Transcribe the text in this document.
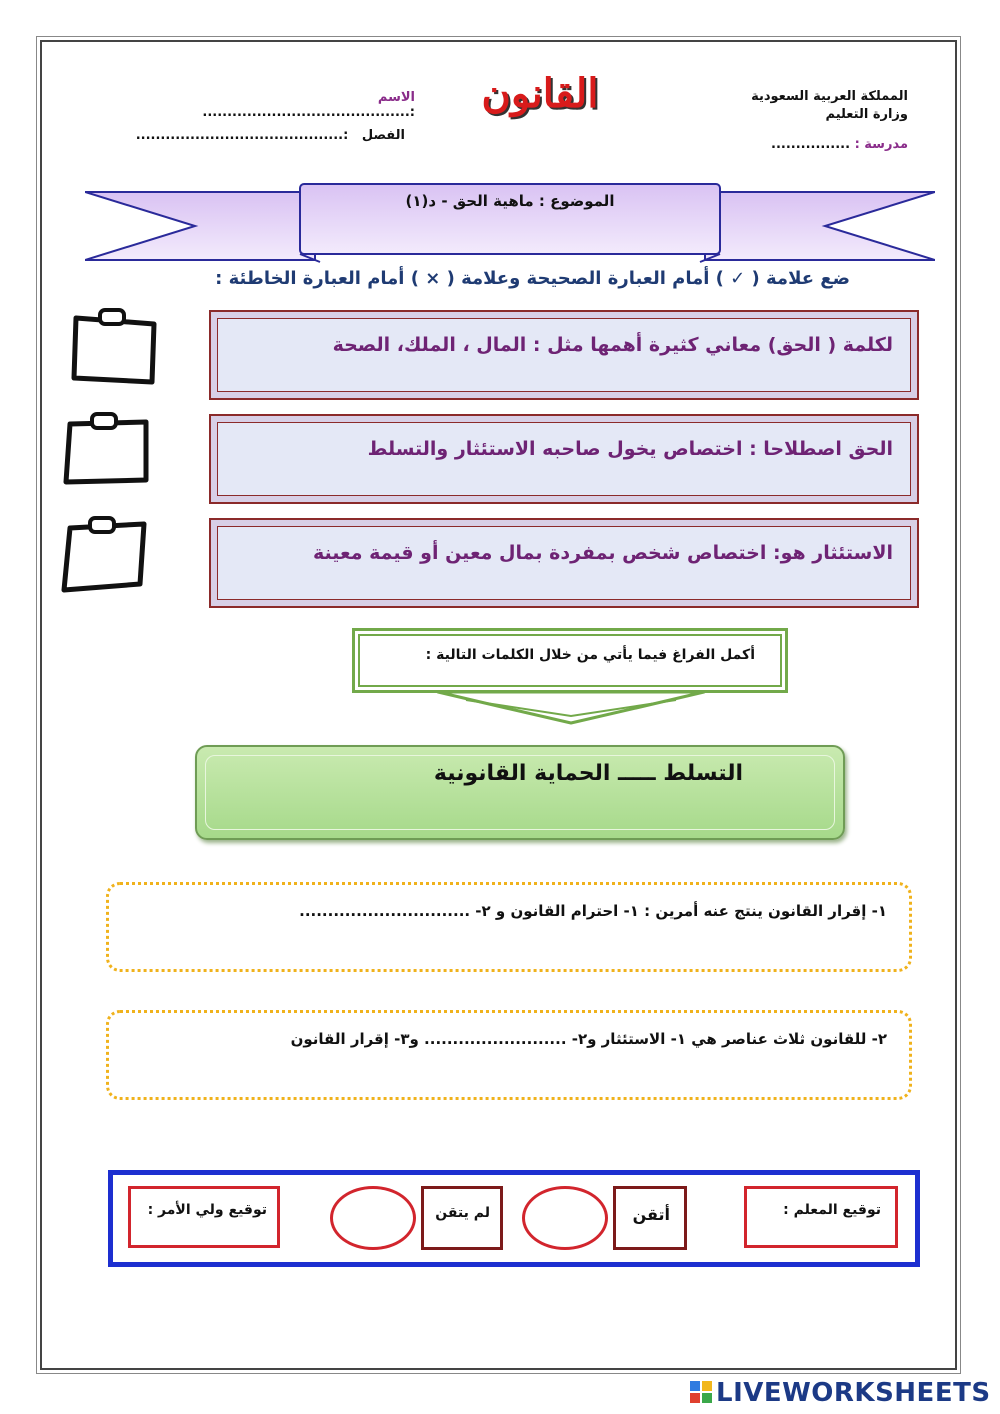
المملكة العربية السعودية
وزارة التعليم
مدرسة : ................
القانون
الاسم         :..........................................
الفصل   :..........................................
الموضوع : ماهية الحق - د(١)
ضع علامة ( ✓ ) أمام العبارة الصحيحة وعلامة ( × ) أمام العبارة الخاطئة :
لكلمة ( الحق) معاني كثيرة أهمها مثل : المال ، الملك، الصحة
الحق اصطلاحا : اختصاص يخول صاحبه الاستئثار والتسلط
الاستئثار هو: اختصاص شخص بمفردة بمال معين أو قيمة معينة
أكمل الفراغ فيما يأتي من خلال الكلمات التالية :
التسلط ـــــ الحماية القانونية
١- إقرار القانون ينتج عنه أمرين : ١- احترام القانون و ٢- ..............................
٢- للقانون ثلاث عناصر هي ١- الاستئثار و٢- ......................... و٣- إقرار القانون
توقيع المعلم :
أتقن
لم يتقن
توقيع ولي الأمر :
LIVEWORKSHEETS
